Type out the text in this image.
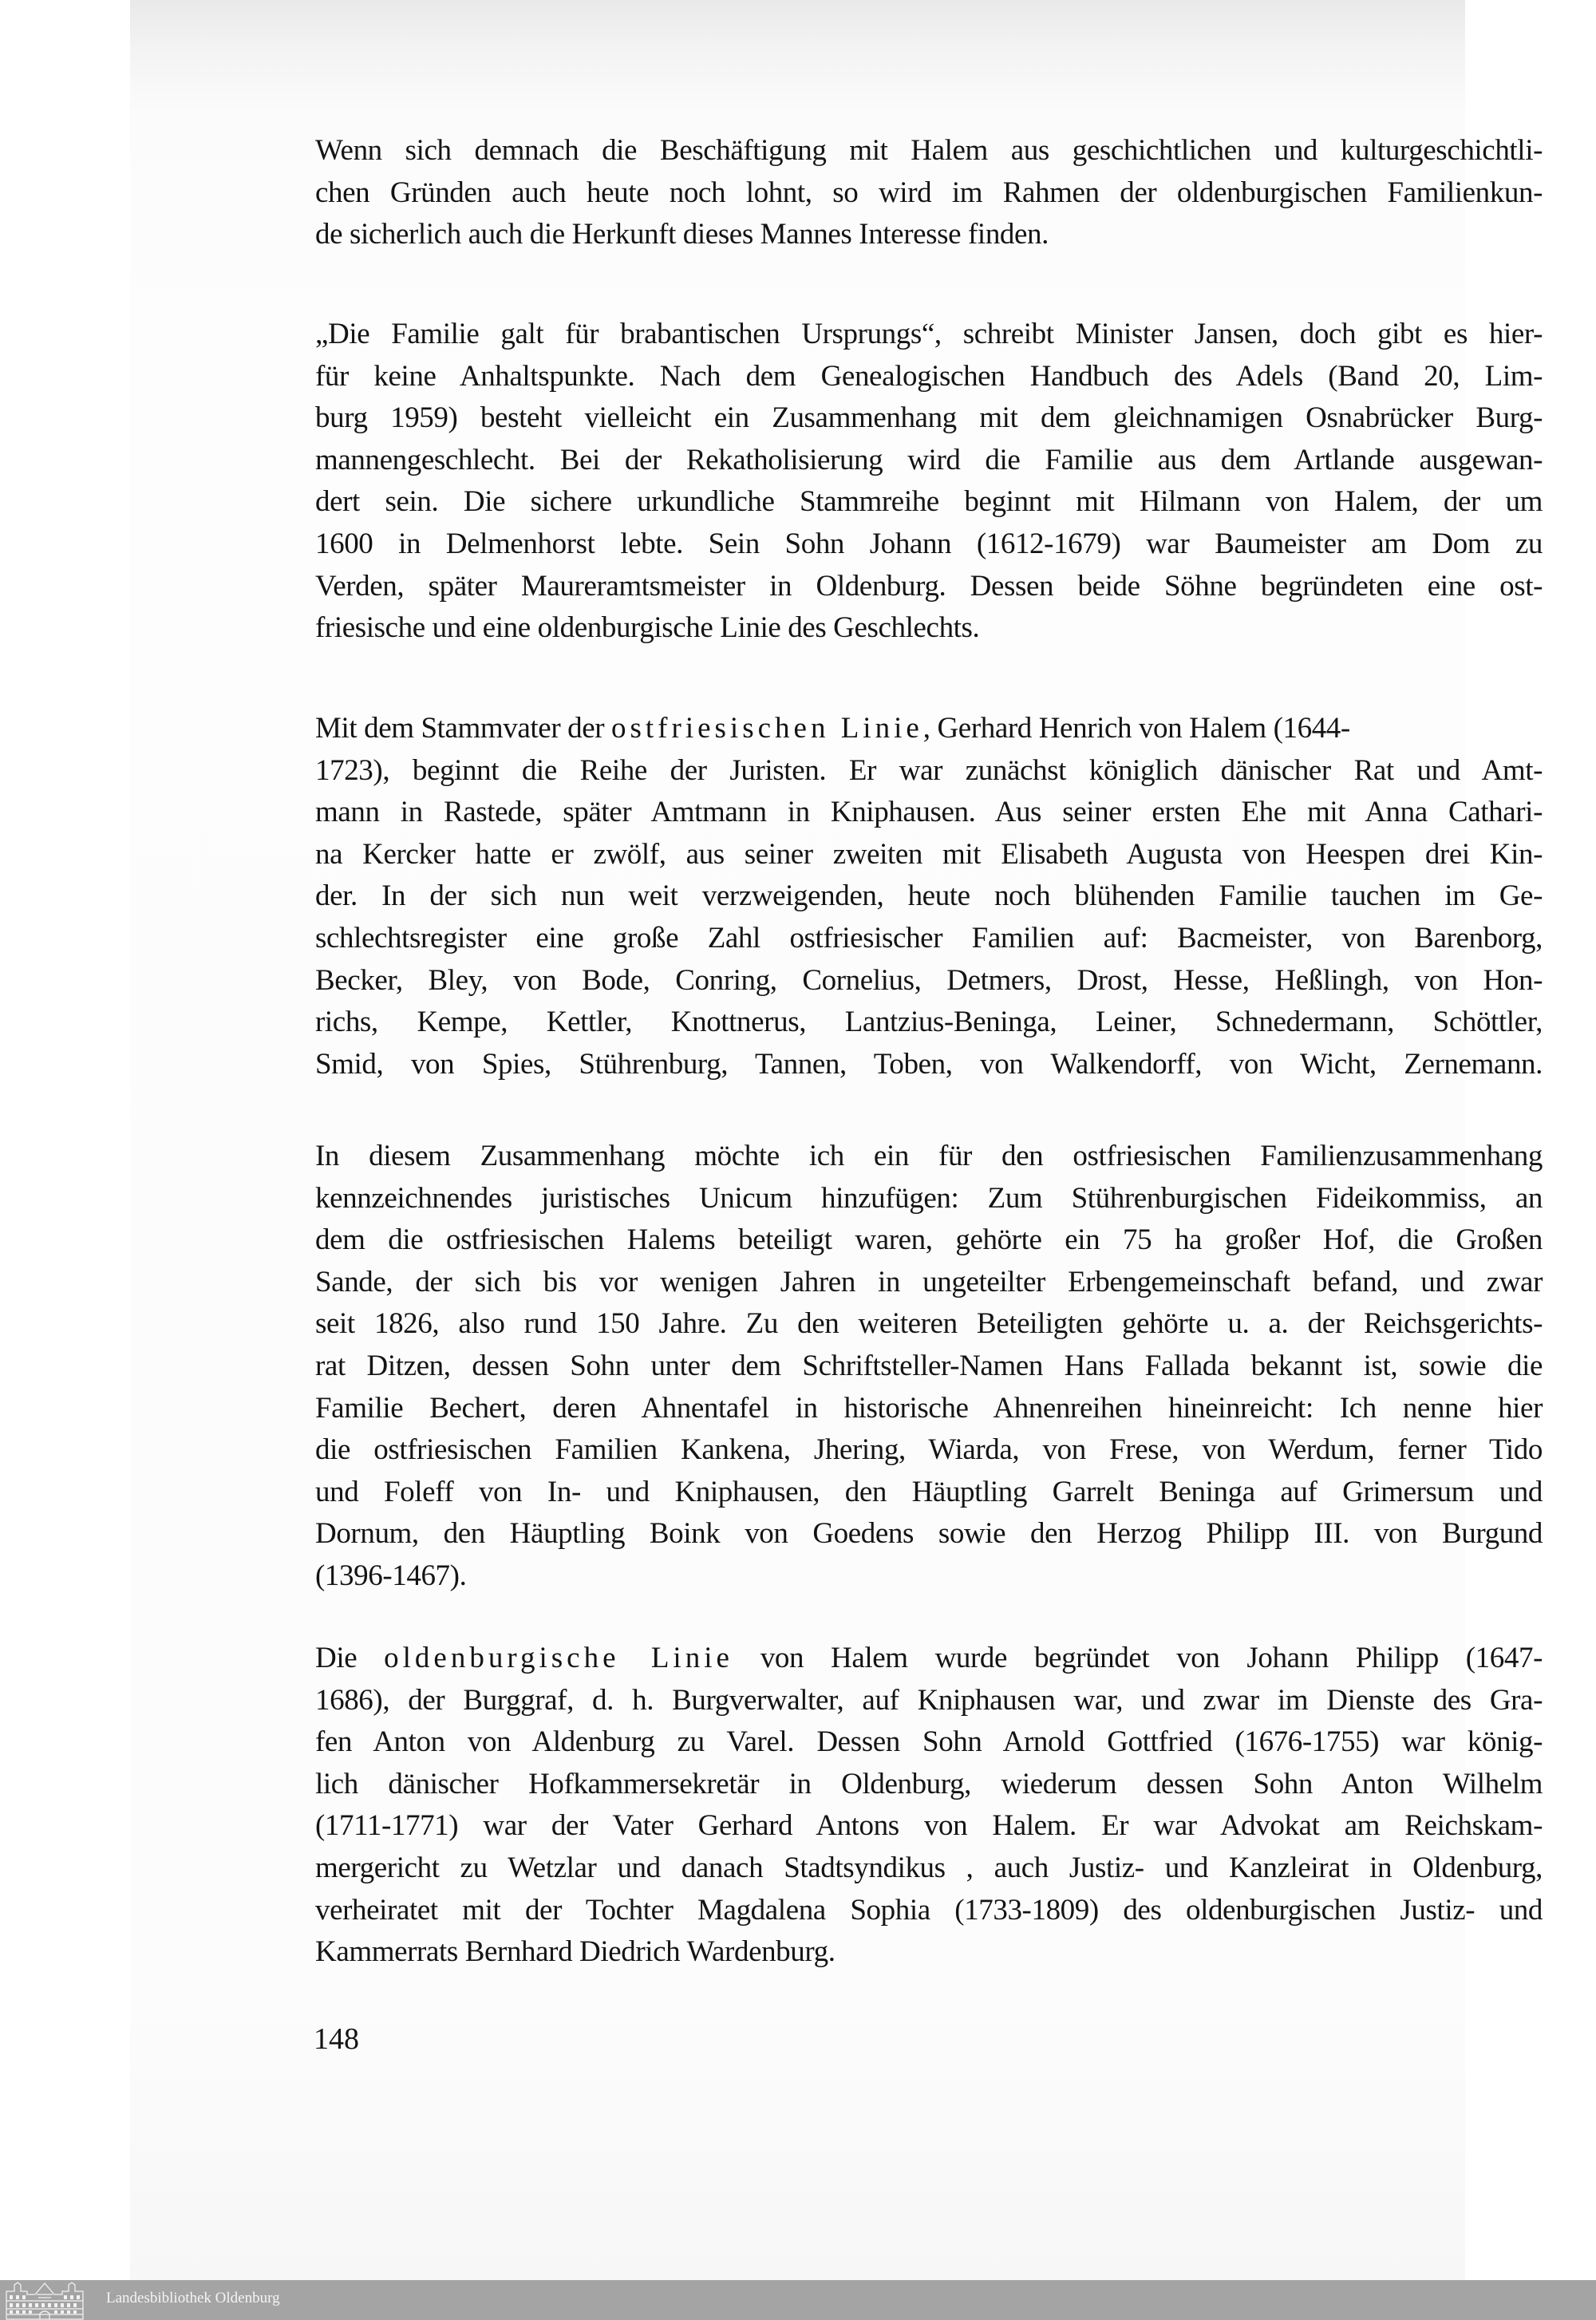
Wenn sich demnach die Beschäftigung mit Halem aus geschichtlichen und kulturgeschichtli-
chen Gründen auch heute noch lohnt, so wird im Rahmen der oldenburgischen Familienkun-
de sicherlich auch die Herkunft dieses Mannes Interesse finden.
„Die Familie galt für brabantischen Ursprungs“, schreibt Minister Jansen, doch gibt es hier-
für keine Anhaltspunkte. Nach dem Genealogischen Handbuch des Adels (Band 20, Lim-
burg 1959) besteht vielleicht ein Zusammenhang mit dem gleichnamigen Osnabrücker Burg-
mannengeschlecht. Bei der Rekatholisierung wird die Familie aus dem Artlande ausgewan-
dert sein. Die sichere urkundliche Stammreihe beginnt mit Hilmann von Halem, der um
1600 in Delmenhorst lebte. Sein Sohn Johann (1612-1679) war Baumeister am Dom zu
Verden, später Maureramtsmeister in Oldenburg. Dessen beide Söhne begründeten eine ost-
friesische und eine oldenburgische Linie des Geschlechts.
Mit dem Stammvater der ostfriesischen Linie, Gerhard Henrich von Halem (1644-
1723), beginnt die Reihe der Juristen. Er war zunächst königlich dänischer Rat und Amt-
mann in Rastede, später Amtmann in Kniphausen. Aus seiner ersten Ehe mit Anna Cathari-
na Kercker hatte er zwölf, aus seiner zweiten mit Elisabeth Augusta von Heespen drei Kin-
der. In der sich nun weit verzweigenden, heute noch blühenden Familie tauchen im Ge-
schlechtsregister eine große Zahl ostfriesischer Familien auf: Bacmeister, von Barenborg,
Becker, Bley, von Bode, Conring, Cornelius, Detmers, Drost, Hesse, Heßlingh, von Hon-
richs, Kempe, Kettler, Knottnerus, Lantzius-Beninga, Leiner, Schnedermann, Schöttler,
Smid, von Spies, Stührenburg, Tannen, Toben, von Walkendorff, von Wicht, Zernemann.
In diesem Zusammenhang möchte ich ein für den ostfriesischen Familienzusammenhang
kennzeichnendes juristisches Unicum hinzufügen: Zum Stührenburgischen Fideikommiss, an
dem die ostfriesischen Halems beteiligt waren, gehörte ein 75 ha großer Hof, die Großen
Sande, der sich bis vor wenigen Jahren in ungeteilter Erbengemeinschaft befand, und zwar
seit 1826, also rund 150 Jahre. Zu den weiteren Beteiligten gehörte u. a. der Reichsgerichts-
rat Ditzen, dessen Sohn unter dem Schriftsteller-Namen Hans Fallada bekannt ist, sowie die
Familie Bechert, deren Ahnentafel in historische Ahnenreihen hineinreicht: Ich nenne hier
die ostfriesischen Familien Kankena, Jhering, Wiarda, von Frese, von Werdum, ferner Tido
und Foleff von In- und Kniphausen, den Häuptling Garrelt Beninga auf Grimersum und
Dornum, den Häuptling Boink von Goedens sowie den Herzog Philipp III. von Burgund
(1396-1467).
Die oldenburgische Linie von Halem wurde begründet von Johann Philipp (1647-
1686), der Burggraf, d. h. Burgverwalter, auf Kniphausen war, und zwar im Dienste des Gra-
fen Anton von Aldenburg zu Varel. Dessen Sohn Arnold Gottfried (1676-1755) war könig-
lich dänischer Hofkammersekretär in Oldenburg, wiederum dessen Sohn Anton Wilhelm
(1711-1771) war der Vater Gerhard Antons von Halem. Er war Advokat am Reichskam-
mergericht zu Wetzlar und danach Stadtsyndikus , auch Justiz- und Kanzleirat in Oldenburg,
verheiratet mit der Tochter Magdalena Sophia (1733-1809) des oldenburgischen Justiz- und
Kammerrats Bernhard Diedrich Wardenburg.
148
Landesbibliothek Oldenburg
